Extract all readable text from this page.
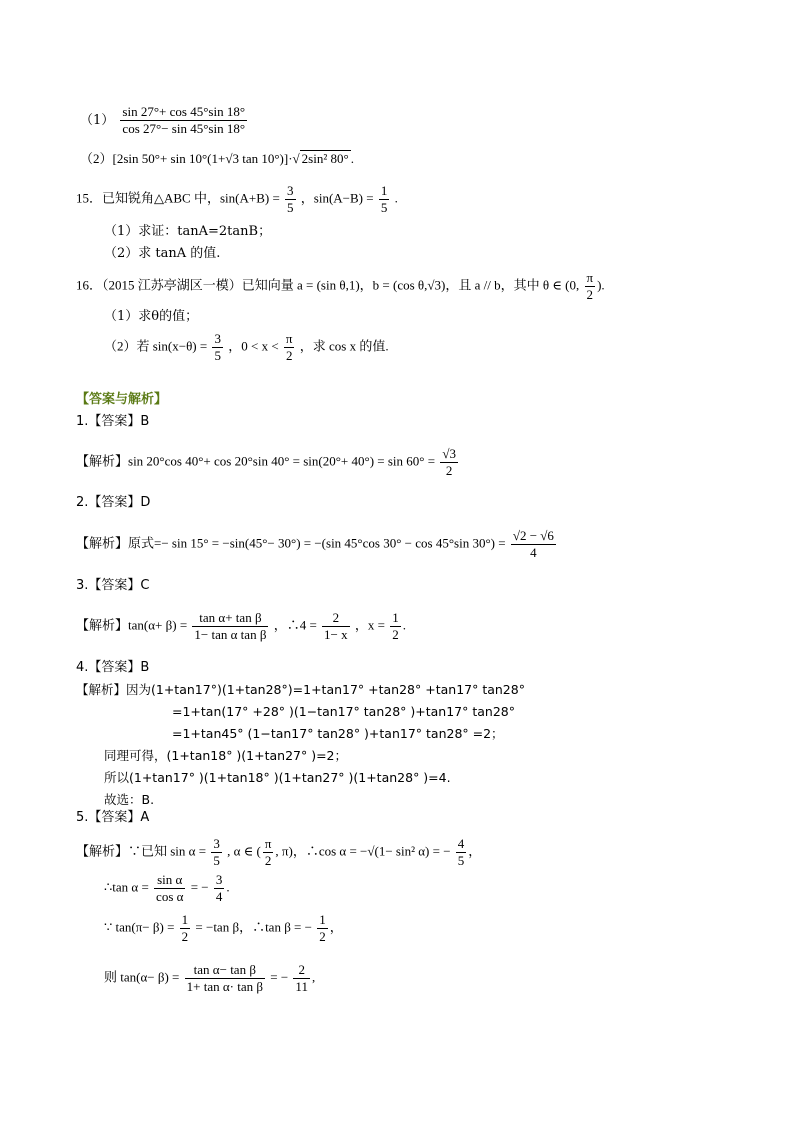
$(1) \frac{\sin 27^\circ+ \cos 45^\circ\sin 18^\circ}{\cos 27^\circ- \sin 45^\circ\sin 18^\circ}$
（2）[2sin 50°+ sin 10°(1+√3 tan 10°)]·√ 2sin² 80° .
15．已知锐角△ABC 中，$\sin(A+B) = \frac{3}{5}$ ，$\sin(A-B) = \frac{1}{5}$ .
（1）求证：tanA=2tanB；
（2）求 tanA 的值.
16．（2015 江苏亭湖区一模）已知向量 a = (sin θ,1)，b = (cos θ,√3)，且 a // b，其中 θ ∈ (0, $\frac{\pi}{2}$ ).
（1）求θ的值；
（2）若 $\sin(x-\theta) = \frac{3}{5}$ ，$0 < x < \frac{\pi}{2}$ ，求 cos x 的值.
【答案与解析】
1.【答案】B
【解析】sin 20°cos 40°+ cos 20°sin $40^\circ = \sin(20^\circ+ 40^\circ) = \sin 60^\circ = \frac{√3}{2}$
2.【答案】D
【解析】原式=− sin 15° = −sin(45°− 30°) = −(sin 45°cos 30° − cos 45°sin $30^\circ) = \frac{√2 - √6}{4}$
3.【答案】C
【解析】$\tan(\alpha+ \beta) = \frac{\text{tan α+ tan β}}{\text{1− tan α tan β}}$ ，∴4 = $\frac{2}{1- x}$ ，$x = \frac{1}{2}$ .
4.【答案】B
【解析】因为(1+tan17°)(1+tan28°)=1+tan17° +tan28° +tan17° tan28°
=1+tan(17° +28° )(1−tan17° tan28° )+tan17° tan28°
=1+tan45° (1−tan17° tan28° )+tan17° tan28° =2；
同理可得，(1+tan18° )(1+tan27° )=2；
所以(1+tan17° )(1+tan18° )(1+tan27° )(1+tan28° )=4.
故选：B.
5.【答案】A
【解析】∵已知 $\sin \alpha = \frac{3}{5}$ , α ∈ ( $\frac{\pi}{2}$ , π)，∴cos α = −√(1− sin² α) = − $\frac{4}{5}$ ，
∴tan $\alpha = \frac{\text{sin α}}{\text{cos α}}$ = − $\frac{3}{4}$ .
∵ $\tan(\pi- \beta) = \frac{1}{2} = -\tan$ β，∴tan β = − $\frac{1}{2}$ ，
则 $\tan(\alpha- \beta) = \frac{\text{tan α− tan β}}{\text{1+ tan α· tan β}}$ = − $\frac{2}{11}$ ,
